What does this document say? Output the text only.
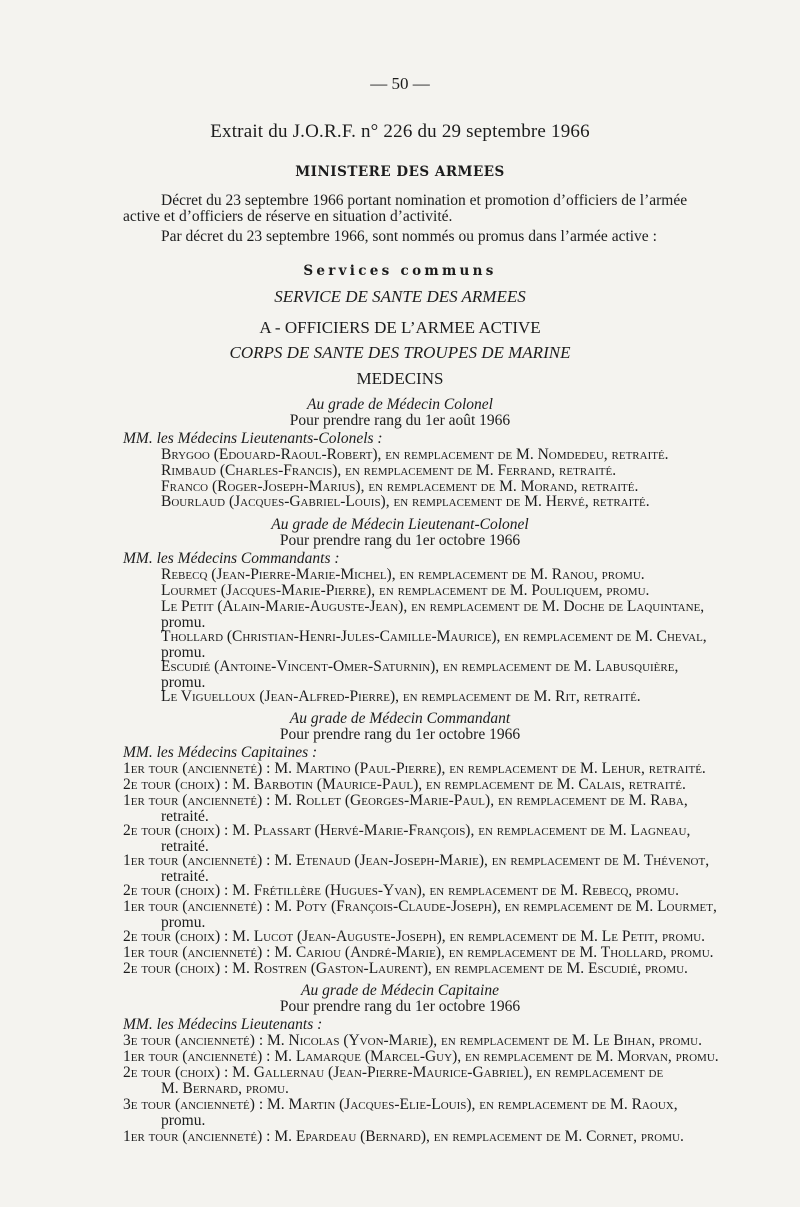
— 50 —
Extrait du J.O.R.F. n° 226 du 29 septembre 1966
MINISTERE DES ARMEES
Décret du 23 septembre 1966 portant nomination et promotion d’officiers de l’armée
active et d’officiers de réserve en situation d’activité.
Par décret du 23 septembre 1966, sont nommés ou promus dans l’armée active :
Services communs
SERVICE DE SANTE DES ARMEES
A - OFFICIERS DE L’ARMEE ACTIVE
CORPS DE SANTE DES TROUPES DE MARINE
MEDECINS
Au grade de Médecin Colonel
Pour prendre rang du 1er août 1966
MM. les Médecins Lieutenants-Colonels :
Brygoo (Edouard-Raoul-Robert), en remplacement de M. Nomdedeu, retraité.
Rimbaud (Charles-Francis), en remplacement de M. Ferrand, retraité.
Franco (Roger-Joseph-Marius), en remplacement de M. Morand, retraité.
Bourlaud (Jacques-Gabriel-Louis), en remplacement de M. Hervé, retraité.
Au grade de Médecin Lieutenant-Colonel
Pour prendre rang du 1er octobre 1966
MM. les Médecins Commandants :
Rebecq (Jean-Pierre-Marie-Michel), en remplacement de M. Ranou, promu.
Lourmet (Jacques-Marie-Pierre), en remplacement de M. Pouliquem, promu.
Le Petit (Alain-Marie-Auguste-Jean), en remplacement de M. Doche de Laquintane,
promu.
Thollard (Christian-Henri-Jules-Camille-Maurice), en remplacement de M. Cheval,
promu.
Escudié (Antoine-Vincent-Omer-Saturnin), en remplacement de M. Labusquière,
promu.
Le Viguelloux (Jean-Alfred-Pierre), en remplacement de M. Rit, retraité.
Au grade de Médecin Commandant
Pour prendre rang du 1er octobre 1966
MM. les Médecins Capitaines :
1er tour (ancienneté) : M. Martino (Paul-Pierre), en remplacement de M. Lehur, retraité.
2e tour (choix) : M. Barbotin (Maurice-Paul), en remplacement de M. Calais, retraité.
1er tour (ancienneté) : M. Rollet (Georges-Marie-Paul), en remplacement de M. Raba,
retraité.
2e tour (choix) : M. Plassart (Hervé-Marie-François), en remplacement de M. Lagneau,
retraité.
1er tour (ancienneté) : M. Etenaud (Jean-Joseph-Marie), en remplacement de M. Thévenot,
retraité.
2e tour (choix) : M. Frétillère (Hugues-Yvan), en remplacement de M. Rebecq, promu.
1er tour (ancienneté) : M. Poty (François-Claude-Joseph), en remplacement de M. Lourmet,
promu.
2e tour (choix) : M. Lucot (Jean-Auguste-Joseph), en remplacement de M. Le Petit, promu.
1er tour (ancienneté) : M. Cariou (André-Marie), en remplacement de M. Thollard, promu.
2e tour (choix) : M. Rostren (Gaston-Laurent), en remplacement de M. Escudié, promu.
Au grade de Médecin Capitaine
Pour prendre rang du 1er octobre 1966
MM. les Médecins Lieutenants :
3e tour (ancienneté) : M. Nicolas (Yvon-Marie), en remplacement de M. Le Bihan, promu.
1er tour (ancienneté) : M. Lamarque (Marcel-Guy), en remplacement de M. Morvan, promu.
2e tour (choix) : M. Gallernau (Jean-Pierre-Maurice-Gabriel), en remplacement de
M. Bernard, promu.
3e tour (ancienneté) : M. Martin (Jacques-Elie-Louis), en remplacement de M. Raoux,
promu.
1er tour (ancienneté) : M. Epardeau (Bernard), en remplacement de M. Cornet, promu.
